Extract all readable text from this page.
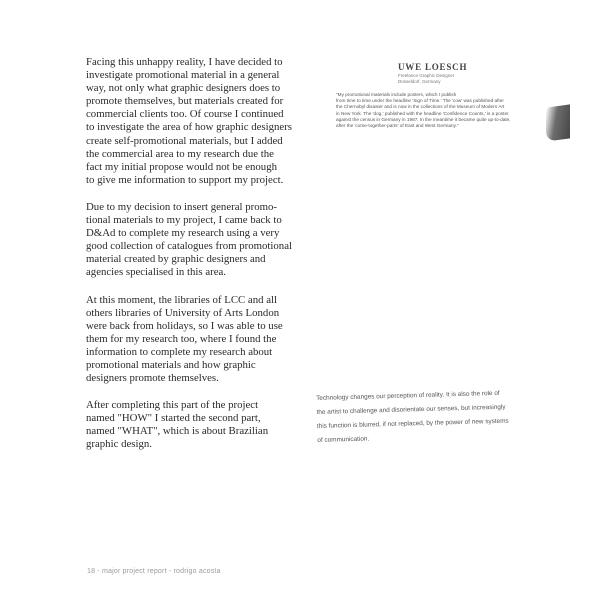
Facing this unhappy reality, I have decided to
investigate promotional material in a general
way, not only what graphic designers does to
promote themselves, but materials created for
commercial clients too. Of course I continued
to investigate the area of how graphic designers
create self-promotional materials, but I added
the commercial area to my research due the
fact my initial propose would not be enough
to give me information to support my project.

Due to my decision to insert general promo-
tional materials to my project, I came back to
D&Ad to complete my research using a very
good collection of catalogues from promotional
material created by graphic designers and
agencies specialised in this area.

At this moment, the libraries of LCC and all
others libraries of University of Arts London
were back from holidays, so I was able to use
them for my research too, where I found the
information to complete my research about
promotional materials and how graphic
designers promote themselves.

After completing this part of the project
named "HOW" I started the second part,
named "WHAT", which is about Brazilian
graphic design.

UWE LOESCH
Freelance Graphic Designer
Düsseldorf, Germany
"My promotional materials include posters, which I publish
from time to time under the headline 'Sign of Time.' The 'cow' was published after
the Chernobyl disaster and is now in the collections of the Museum of Modern Art
in New York. The 'dog,' published with the headline 'Confidence Counts,' is a poster
against the census in Germany in 1987. In the meantime it became quite up-to-date,
after the 'come-together-parts' of East and West Germany."
Technology changes our perception of reality. It is also the role of
the artist to challenge and disorientate our senses, but increasingly
this function is blurred, if not replaced, by the power of new systems
of communication.
18 - major project report - rodrigo acosta
